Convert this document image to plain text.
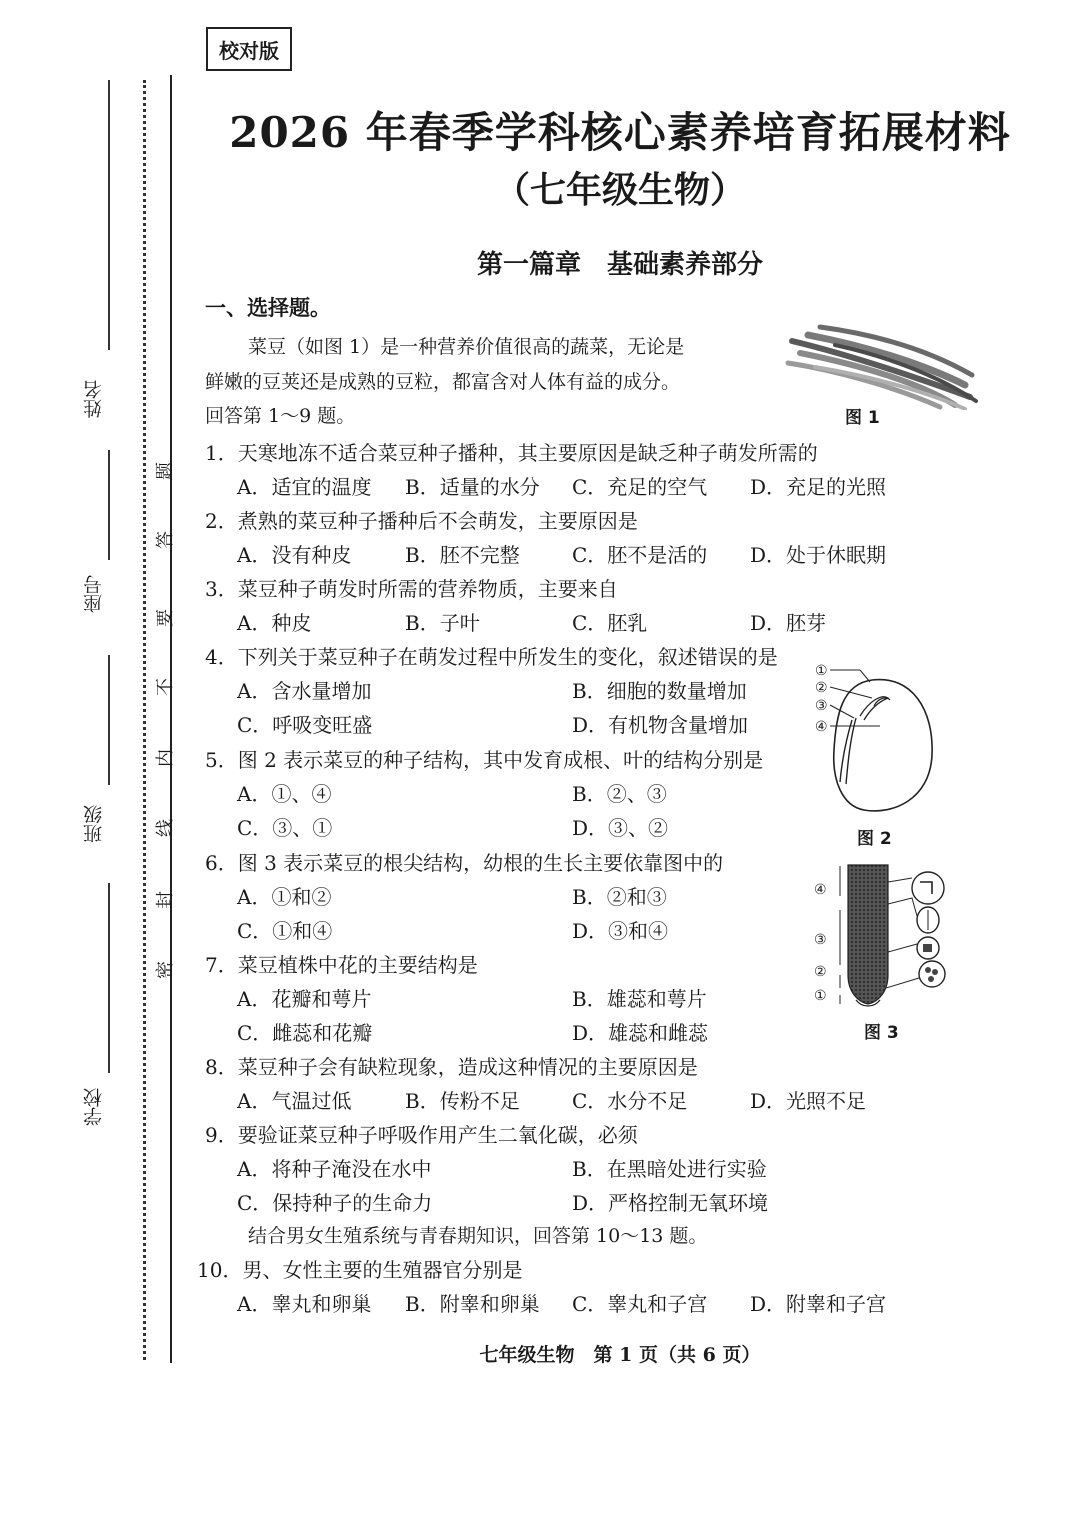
校对版
2026 年春季学科核心素养培育拓展材料
（七年级生物）
第一篇章　基础素养部分
一、选择题。
菜豆（如图 1）是一种营养价值很高的蔬菜，无论是
鲜嫩的豆荚还是成熟的豆粒，都富含对人体有益的成分。
回答第 1～9 题。	图 1
1．天寒地冻不适合菜豆种子播种，其主要原因是缺乏种子萌发所需的
A．适宜的温度 B．适量的水分 C．充足的空气 D．充足的光照
2．煮熟的菜豆种子播种后不会萌发，主要原因是
A．没有种皮	B．胚不完整	C．胚不是活的 D．处于休眠期
3．菜豆种子萌发时所需的营养物质，主要来自
A．种皮	B．子叶	C．胚乳	D．胚芽
4．下列关于菜豆种子在萌发过程中所发生的变化，叙述错误的是
A．含水量增加	B．细胞的数量增加
C．呼吸变旺盛	D．有机物含量增加
5．图 2 表示菜豆的种子结构，其中发育成根、叶的结构分别是
A．①、④	B．②、③
C．③、①	D．③、②
6．图 3 表示菜豆的根尖结构，幼根的生长主要依靠图中的
A．①和②	B．②和③
C．①和④	D．③和④
7．菜豆植株中花的主要结构是
A．花瓣和萼片	B．雄蕊和萼片
C．雌蕊和花瓣	D．雄蕊和雌蕊
8．菜豆种子会有缺粒现象，造成这种情况的主要原因是
A．气温过低	B．传粉不足	C．水分不足	D．光照不足
9．要验证菜豆种子呼吸作用产生二氧化碳，必须
A．将种子淹没在水中	B．在黑暗处进行实验
C．保持种子的生命力	D．严格控制无氧环境
结合男女生殖系统与青春期知识，回答第 10～13 题。
10．男、女性主要的生殖器官分别是
A．睾丸和卵巢 B．附睾和卵巢 C．睾丸和子宫 D．附睾和子宫
①
②
③
④
图 2
④
③
②
①
图 3
姓名
座号
班级
学校
题
答
要
不
内
线
封
密
七年级生物　第 1 页（共 6 页）
